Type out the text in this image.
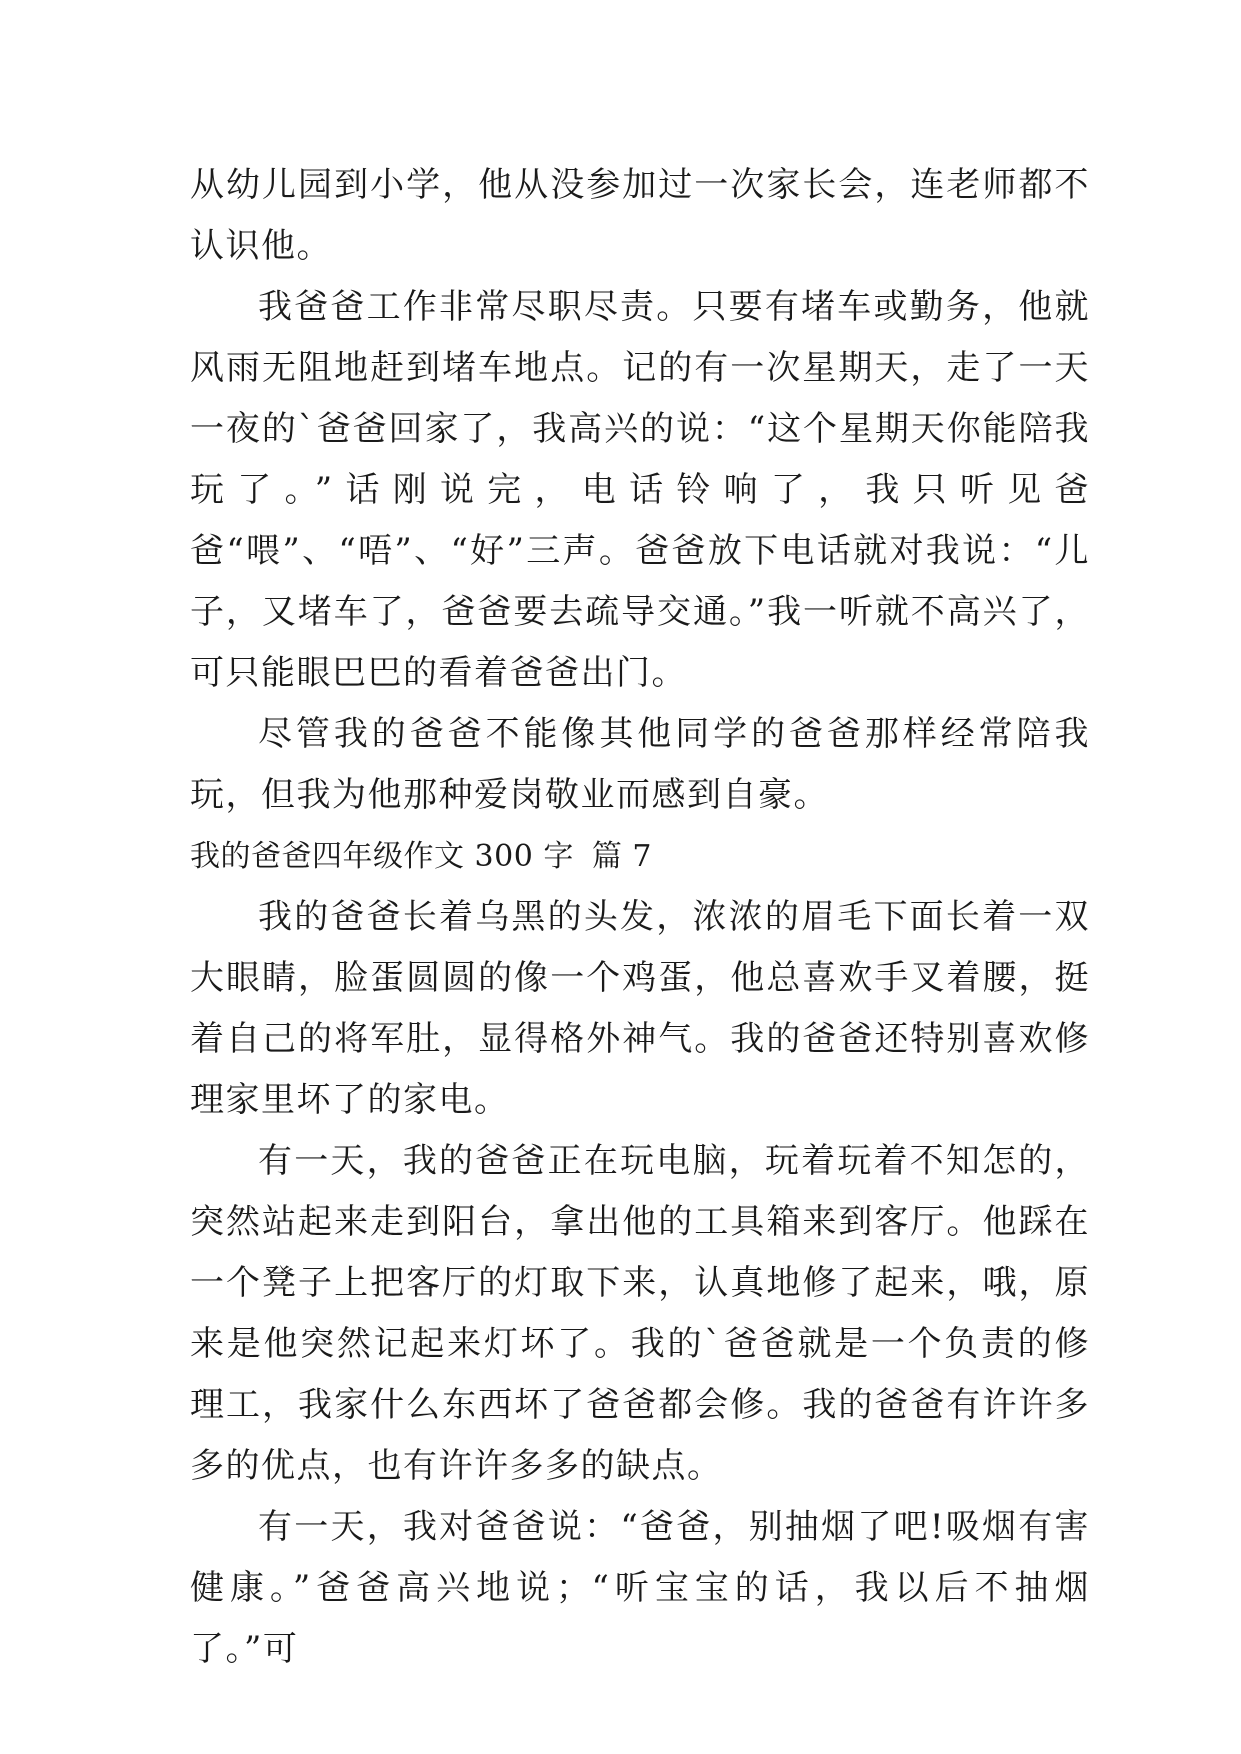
从幼儿园到小学，他从没参加过一次家长会，连老师都不认识他。

我爸爸工作非常尽职尽责。只要有堵车或勤务，他就风雨无阻地赶到堵车地点。记的有一次星期天，走了一天一夜的`爸爸回家了，我高兴的说：“这个星期天你能陪我玩了。”话刚说完，电话铃响了，我只听见爸爸“喂”、“唔”、“好”三声。爸爸放下电话就对我说：“儿子，又堵车了，爸爸要去疏导交通。”我一听就不高兴了，可只能眼巴巴的看着爸爸出门。

尽管我的爸爸不能像其他同学的爸爸那样经常陪我玩，但我为他那种爱岗敬业而感到自豪。

我的爸爸四年级作文 300 字 篇 7

我的爸爸长着乌黑的头发，浓浓的眉毛下面长着一双大眼睛，脸蛋圆圆的像一个鸡蛋，他总喜欢手叉着腰，挺着自己的将军肚，显得格外神气。我的爸爸还特别喜欢修理家里坏了的家电。

有一天，我的爸爸正在玩电脑，玩着玩着不知怎的，突然站起来走到阳台，拿出他的工具箱来到客厅。他踩在一个凳子上把客厅的灯取下来，认真地修了起来，哦，原来是他突然记起来灯坏了。我的`爸爸就是一个负责的修理工，我家什么东西坏了爸爸都会修。我的爸爸有许许多多的优点，也有许许多多的缺点。

有一天，我对爸爸说：“爸爸，别抽烟了吧!吸烟有害健康。”爸爸高兴地说；“听宝宝的话，我以后不抽烟了。”可
